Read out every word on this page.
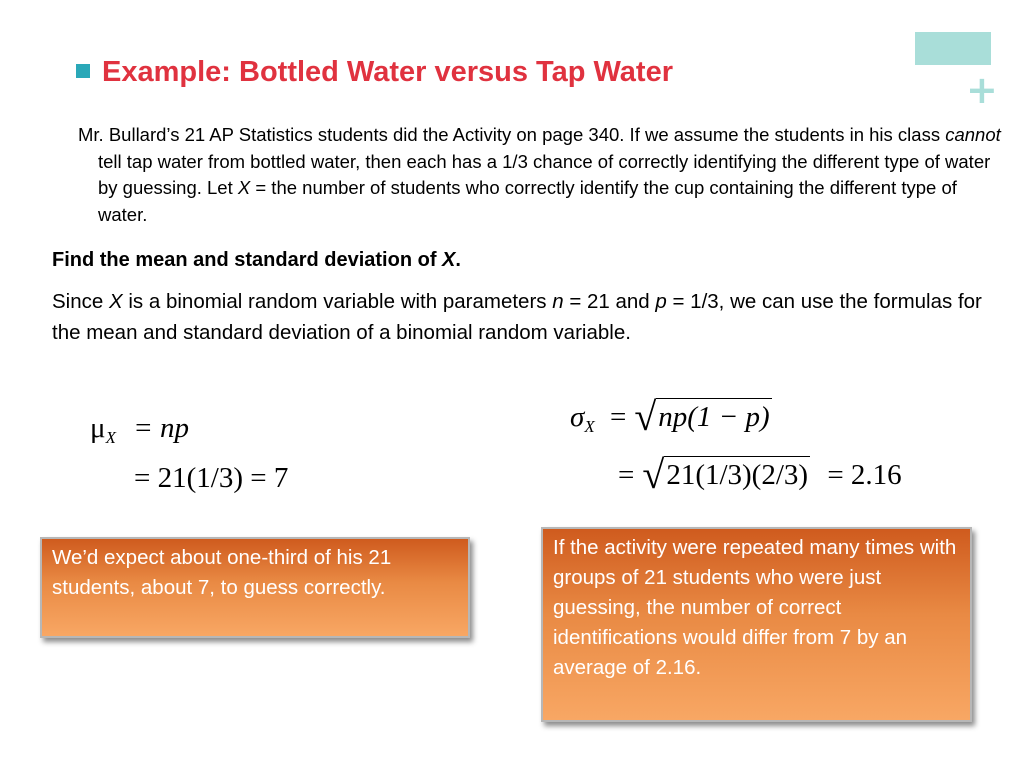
+
Example: Bottled Water versus Tap Water
Mr. Bullard’s 21 AP Statistics students did the Activity on page 340. If we assume the students in his class cannot tell tap water from bottled water, then each has a 1/3 chance of correctly identifying the different type of water by guessing. Let X = the number of students who correctly identify the cup containing the different type of water.
Find the mean and standard deviation of X.
Since X is a binomial random variable with parameters n = 21 and p = 1/3, we can use the formulas for the mean and standard deviation of a binomial random variable.
$\mu_X$ = np
= 21(1/3) = 7
$\sigma_X = √np(1 - p)$
= √21(1/3)(2/3) = 2.16
We’d expect about one-third of his 21 students, about 7, to guess correctly.
If the activity were repeated many times with groups of 21 students who were just guessing, the number of correct identifications would differ from 7 by an average of 2.16.
